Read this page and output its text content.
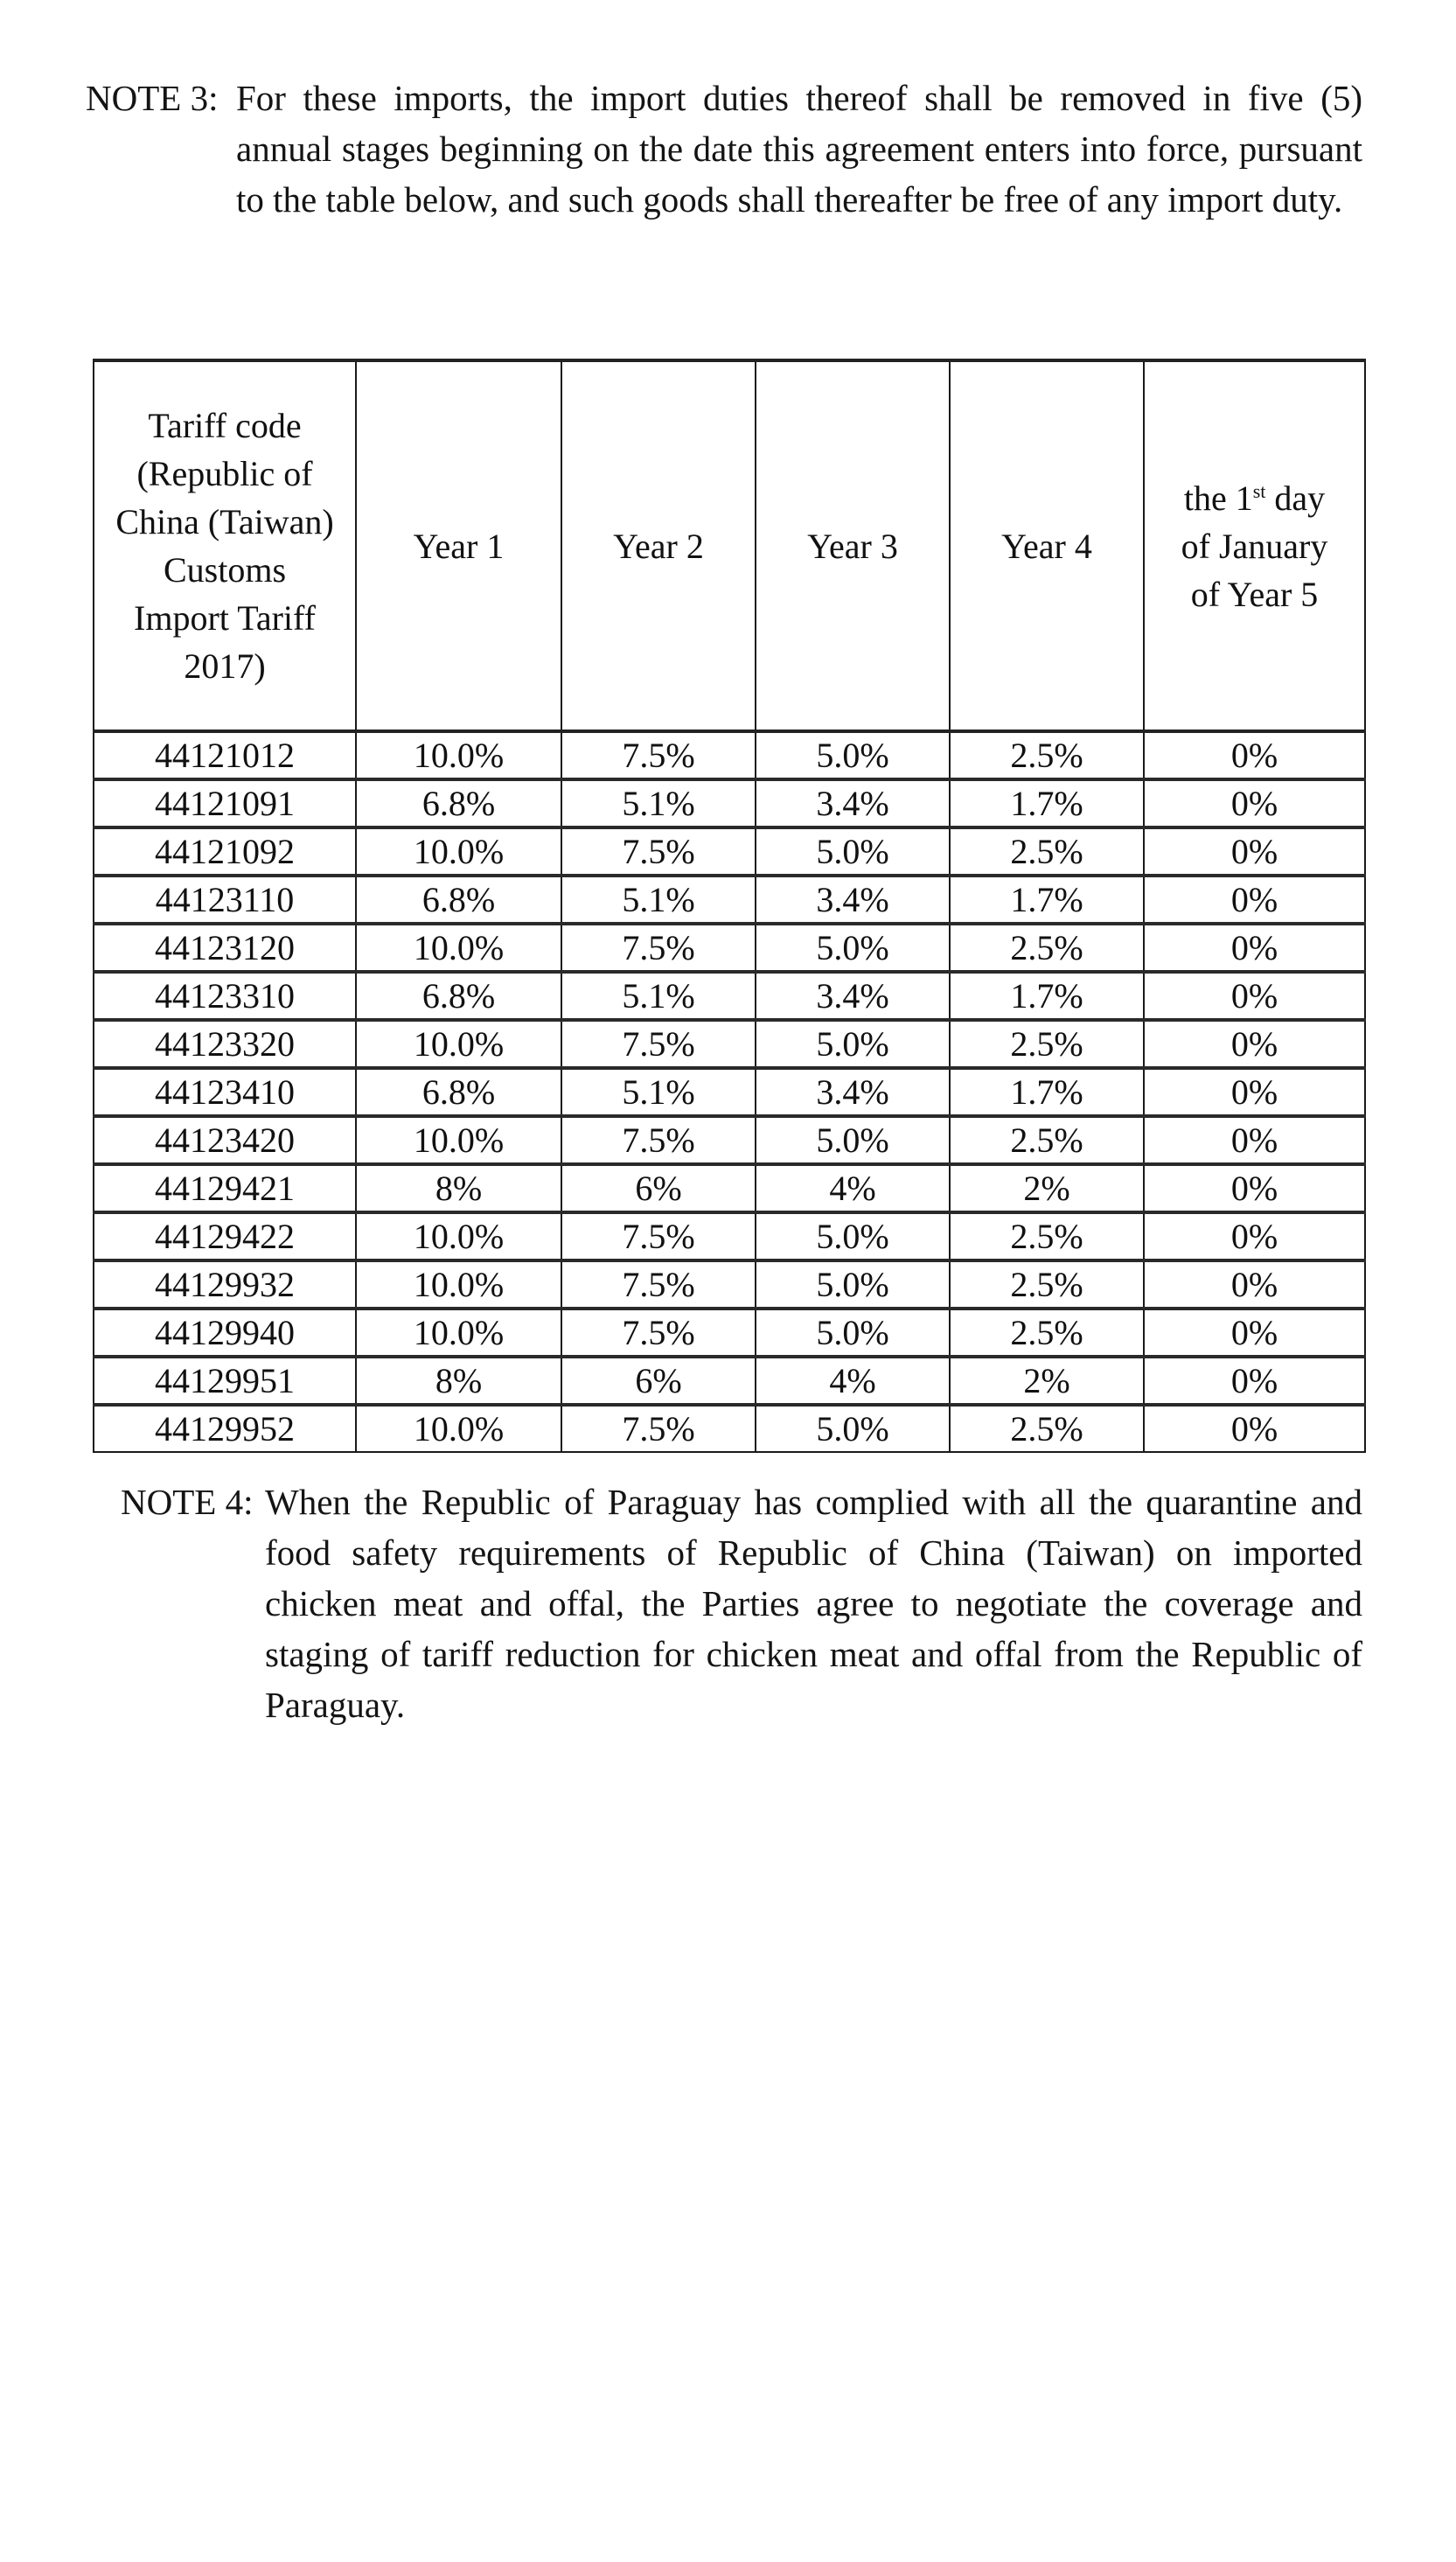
NOTE 3: For these imports, the import duties thereof shall be removed in five (5) annual stages beginning on the date this agreement enters into force, pursuant to the table below, and such goods shall thereafter be free of any import duty.
Tariff code (Republic of China (Taiwan) Customs Import Tariff 2017)	Year 1	Year 2	Year 3	Year 4	the 1st day of January of Year 5
44121012	10.0%	7.5%	5.0%	2.5%	0%
44121091	6.8%	5.1%	3.4%	1.7%	0%
44121092	10.0%	7.5%	5.0%	2.5%	0%
44123110	6.8%	5.1%	3.4%	1.7%	0%
44123120	10.0%	7.5%	5.0%	2.5%	0%
44123310	6.8%	5.1%	3.4%	1.7%	0%
44123320	10.0%	7.5%	5.0%	2.5%	0%
44123410	6.8%	5.1%	3.4%	1.7%	0%
44123420	10.0%	7.5%	5.0%	2.5%	0%
44129421	8%	6%	4%	2%	0%
44129422	10.0%	7.5%	5.0%	2.5%	0%
44129932	10.0%	7.5%	5.0%	2.5%	0%
44129940	10.0%	7.5%	5.0%	2.5%	0%
44129951	8%	6%	4%	2%	0%
44129952	10.0%	7.5%	5.0%	2.5%	0%
NOTE 4: When the Republic of Paraguay has complied with all the quarantine and food safety requirements of Republic of China (Taiwan) on imported chicken meat and offal, the Parties agree to negotiate the coverage and staging of tariff reduction for chicken meat and offal from the Republic of Paraguay.
